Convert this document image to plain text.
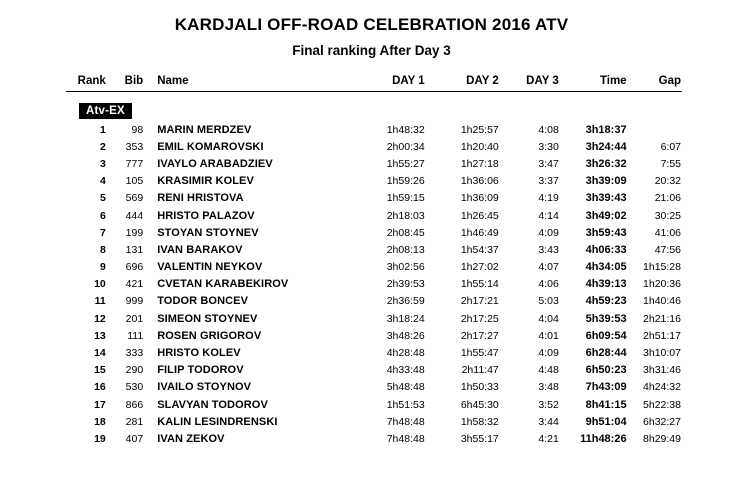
KARDJALI OFF-ROAD CELEBRATION 2016 ATV
Final ranking After Day 3
Rank	Bib	Name	DAY 1	DAY 2	DAY 3	Time	Gap
Atv-EX							
1	98	MARIN MERDZEV	1h48:32	1h25:57	4:08	3h18:37	
2	353	EMIL KOMAROVSKI	2h00:34	1h20:40	3:30	3h24:44	6:07
3	777	IVAYLO ARABADZIEV	1h55:27	1h27:18	3:47	3h26:32	7:55
4	105	KRASIMIR KOLEV	1h59:26	1h36:06	3:37	3h39:09	20:32
5	569	RENI HRISTOVA	1h59:15	1h36:09	4:19	3h39:43	21:06
6	444	HRISTO PALAZOV	2h18:03	1h26:45	4:14	3h49:02	30:25
7	199	STOYAN STOYNEV	2h08:45	1h46:49	4:09	3h59:43	41:06
8	131	IVAN BARAKOV	2h08:13	1h54:37	3:43	4h06:33	47:56
9	696	VALENTIN NEYKOV	3h02:56	1h27:02	4:07	4h34:05	1h15:28
10	421	CVETAN KARABEKIROV	2h39:53	1h55:14	4:06	4h39:13	1h20:36
11	999	TODOR BONCEV	2h36:59	2h17:21	5:03	4h59:23	1h40:46
12	201	SIMEON STOYNEV	3h18:24	2h17:25	4:04	5h39:53	2h21:16
13	111	ROSEN GRIGOROV	3h48:26	2h17:27	4:01	6h09:54	2h51:17
14	333	HRISTO KOLEV	4h28:48	1h55:47	4:09	6h28:44	3h10:07
15	290	FILIP TODOROV	4h33:48	2h11:47	4:48	6h50:23	3h31:46
16	530	IVAILO STOYNOV	5h48:48	1h50:33	3:48	7h43:09	4h24:32
17	866	SLAVYAN TODOROV	1h51:53	6h45:30	3:52	8h41:15	5h22:38
18	281	KALIN LESINDRENSKI	7h48:48	1h58:32	3:44	9h51:04	6h32:27
19	407	IVAN ZEKOV	7h48:48	3h55:17	4:21	11h48:26	8h29:49
